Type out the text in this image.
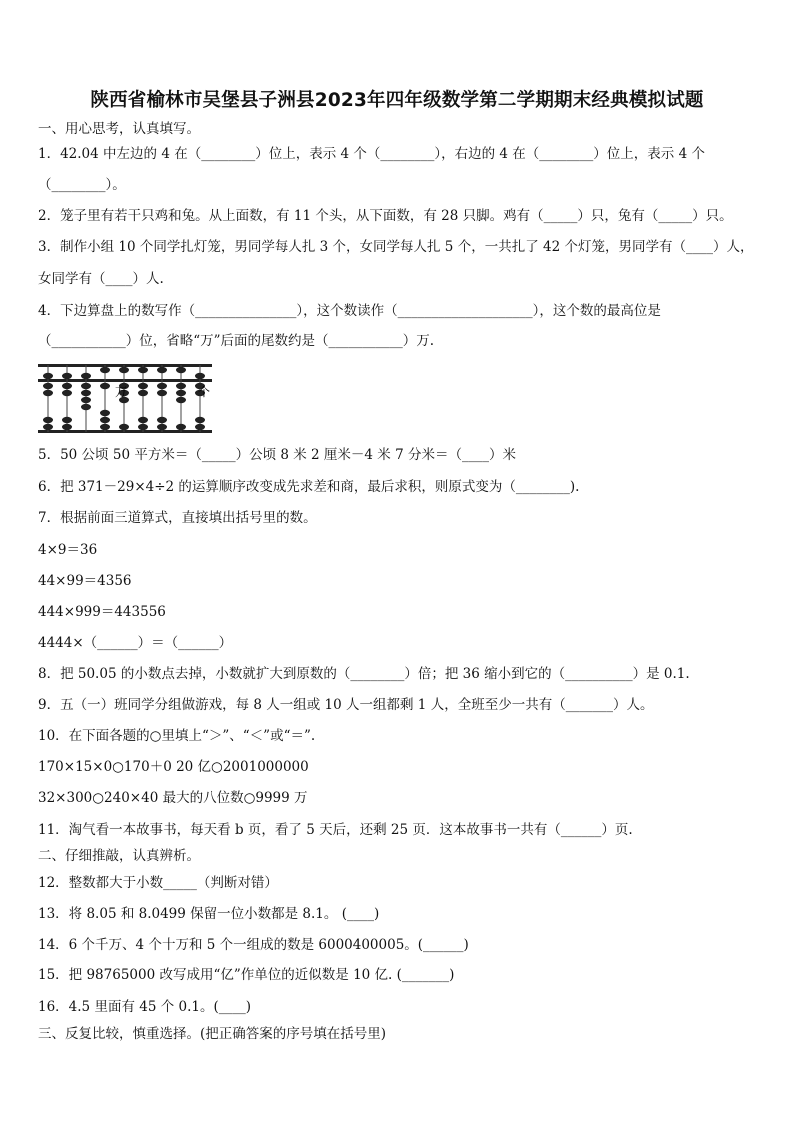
陕西省榆林市吴堡县子洲县2023年四年级数学第二学期期末经典模拟试题
一、用心思考，认真填写。
1．42.04 中左边的 4 在（________）位上，表示 4 个（________），右边的 4 在（________）位上，表示 4 个
（________）。
2．笼子里有若干只鸡和兔。从上面数，有 11 个头，从下面数，有 28 只脚。鸡有（_____）只，兔有（_____）只。
3．制作小组 10 个同学扎灯笼，男同学每人扎 3 个，女同学每人扎 5 个，一共扎了 42 个灯笼，男同学有（____）人，
女同学有（____）人.
4．下边算盘上的数写作（_______________），这个数读作（____________________），这个数的最高位是
（___________）位，省略“万”后面的尾数约是（___________）万.
万	个
5．50 公顷 50 平方米＝（_____）公顷 8 米 2 厘米－4 米 7 分米＝（____）米
6．把 371－29×4÷2 的运算顺序改变成先求差和商，最后求积，则原式变为（________).
7．根据前面三道算式，直接填出括号里的数。
4×9＝36
44×99＝4356
444×999＝443556
4444×（______）＝（______）
8．把 50.05 的小数点去掉，小数就扩大到原数的（________）倍；把 36 缩小到它的（__________）是 0.1.
9．五（一）班同学分组做游戏，每 8 人一组或 10 人一组都剩 1 人，全班至少一共有（_______）人。
10．在下面各题的○里填上“＞”、“＜”或“＝”.
170×15×0○170＋0 20 亿○2001000000
32×300○240×40 最大的八位数○9999 万
11．淘气看一本故事书，每天看 b 页，看了 5 天后，还剩 25 页．这本故事书一共有（______）页.
二、仔细推敲，认真辨析。
12．整数都大于小数_____（判断对错）
13．将 8.05 和 8.0499 保留一位小数都是 8.1。 (____)
14．6 个千万、4 个十万和 5 个一组成的数是 6000400005。(______)
15．把 98765000 改写成用“亿”作单位的近似数是 10 亿. (_______)
16．4.5 里面有 45 个 0.1。(____)
三、反复比较，慎重选择。(把正确答案的序号填在括号里)
